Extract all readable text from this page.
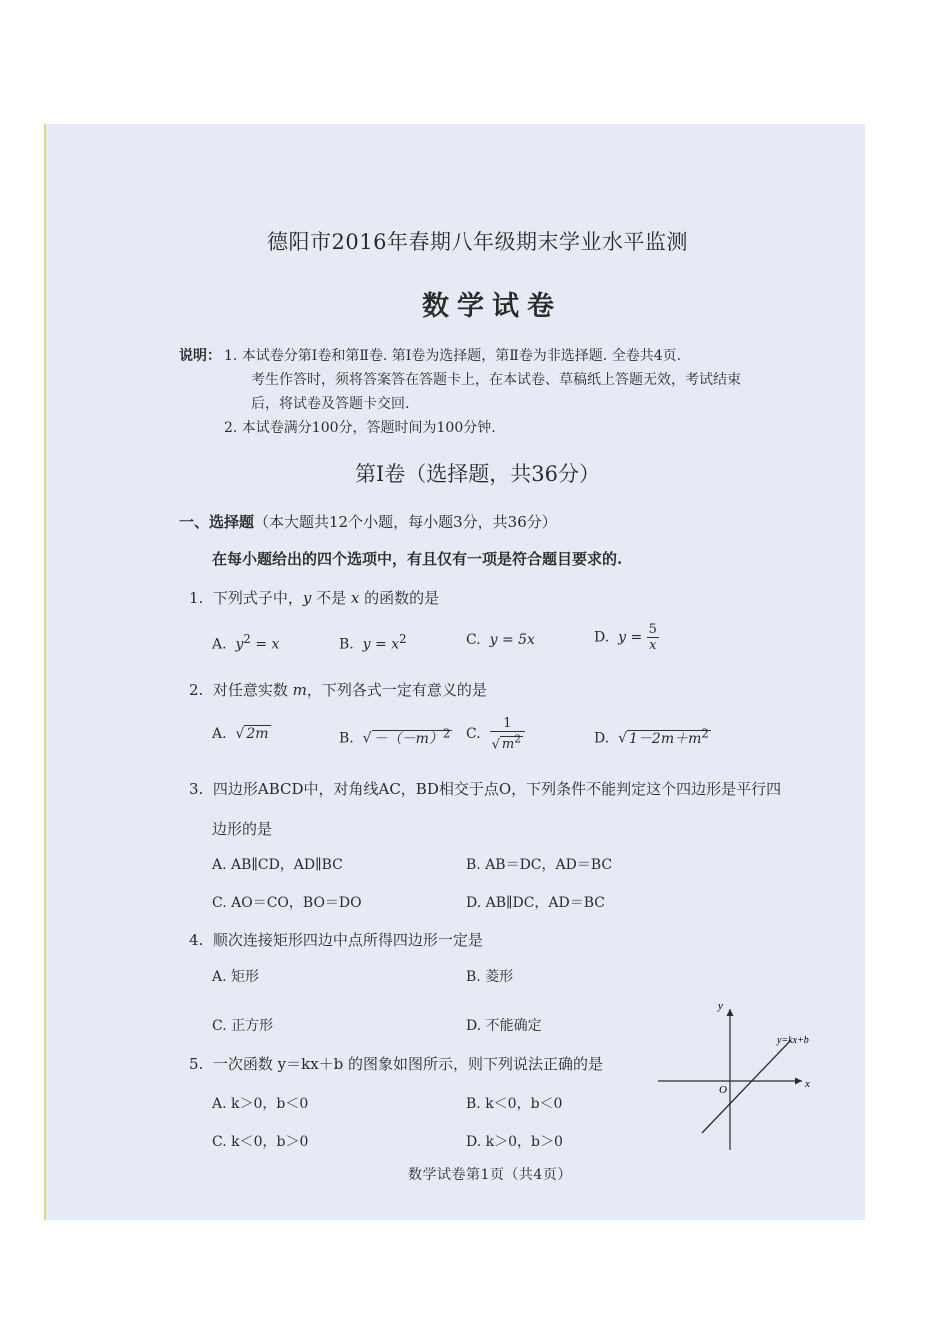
德阳市2016年春期八年级期末学业水平监测
数学试卷
说明： 1. 本试卷分第Ⅰ卷和第Ⅱ卷. 第Ⅰ卷为选择题，第Ⅱ卷为非选择题. 全卷共4页.
考生作答时，须将答案答在答题卡上，在本试卷、草稿纸上答题无效，考试结束
后，将试卷及答题卡交回.
2. 本试卷满分100分，答题时间为100分钟.
第Ⅰ卷（选择题，共36分）
一、选择题（本大题共12个小题，每小题3分，共36分）
在每小题给出的四个选项中，有且仅有一项是符合题目要求的.
1. 下列式子中，y 不是 x 的函数的是
A. $y^2 = x$	B. $y = x^2$	C. y = 5x	D. $y = \frac{5}{x}$
2. 对任意实数 m，下列各式一定有意义的是
A.  √ 2m	B.  √ $-(-m)^2$ C. $\frac{1}{√ m^2}$	D.  √ $1-2m+m^2$
3. 四边形ABCD中，对角线AC，BD相交于点O，下列条件不能判定这个四边形是平行四
边形的是
A. AB∥CD，AD∥BC	B. AB＝DC，AD＝BC
C. AO＝CO，BO＝DO	D. AB∥DC，AD＝BC
4. 顺次连接矩形四边中点所得四边形一定是
A. 矩形	B. 菱形
C. 正方形	D. 不能确定
5. 一次函数 y＝kx＋b 的图象如图所示，则下列说法正确的是
A. k＞0，b＜0	B. k＜0，b＜0
C. k＜0，b＞0	D. k＞0，b＞0
y
x
O
y=kx+b
数学试卷第1页（共4页）
